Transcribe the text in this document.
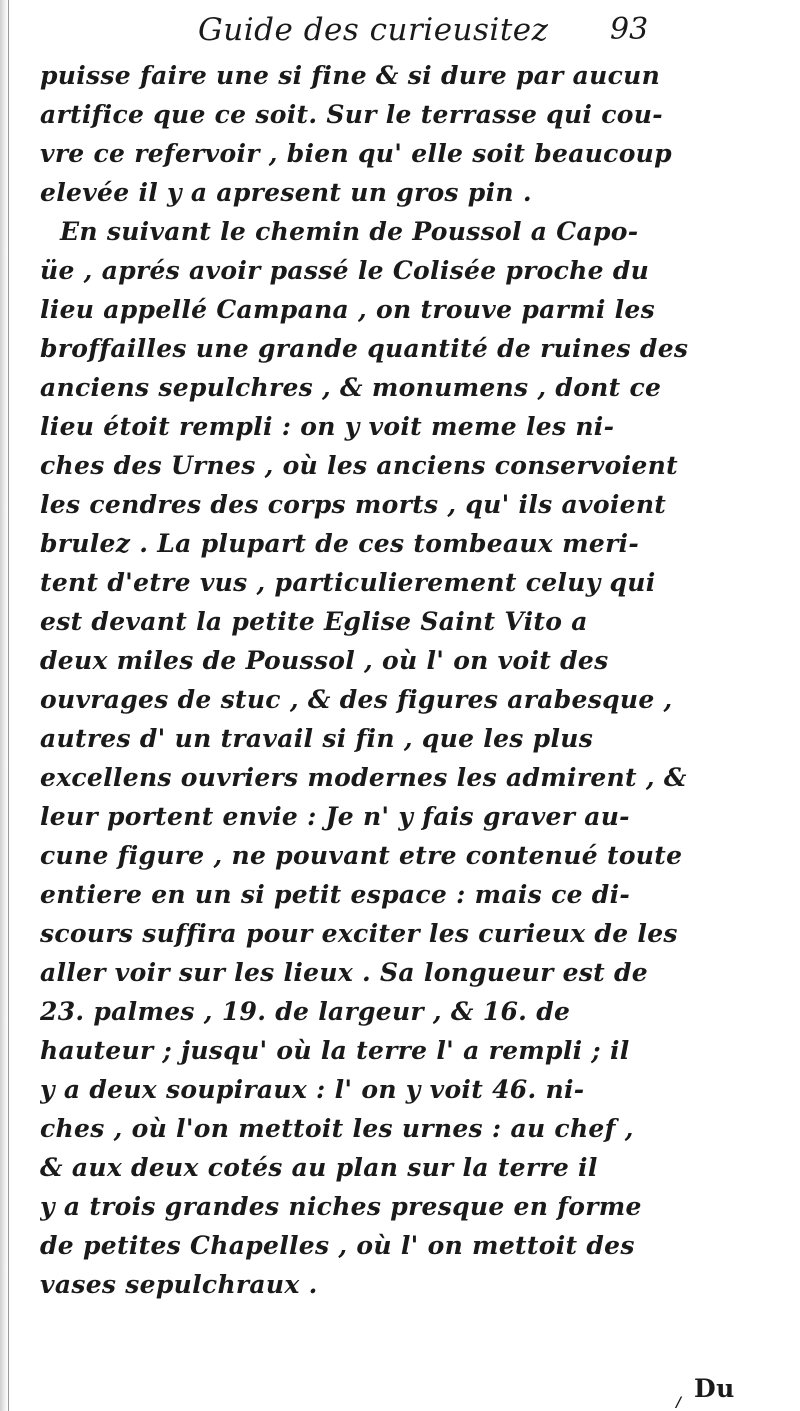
Guide des curieusitez 93
puisse faire une si fine & si dure par aucun
artifice que ce soit. Sur le terrasse qui cou-
vre ce refervoir , bien qu' elle soit beaucoup
elevée il y a apresent un gros pin .
En suivant le chemin de Poussol a Capo-
üe , aprés avoir passé le Colisée proche du
lieu appellé Campana , on trouve parmi les
broffailles une grande quantité de ruines des
anciens sepulchres , & monumens , dont ce
lieu étoit rempli : on y voit meme les ni-
ches des Urnes , où les anciens conservoient
les cendres des corps morts , qu' ils avoient
brulez . La plupart de ces tombeaux meri-
tent d'etre vus , particulierement celuy qui
est devant la petite Eglise Saint Vito a
deux miles de Poussol , où l' on voit des
ouvrages de stuc , & des figures arabesque ,
autres d' un travail si fin , que les plus
excellens ouvriers modernes les admirent , &
leur portent envie : Je n' y fais graver au-
cune figure , ne pouvant etre contenué toute
entiere en un si petit espace : mais ce di-
scours suffira pour exciter les curieux de les
aller voir sur les lieux . Sa longueur est de
23. palmes , 19. de largeur , & 16. de
hauteur ; jusqu' où la terre l' a rempli ; il
y a deux soupiraux : l' on y voit 46. ni-
ches , où l'on mettoit les urnes : au chef ,
& aux deux cotés au plan sur la terre il
y a trois grandes niches presque en forme
de petites Chapelles , où l' on mettoit des
vases sepulchraux .
Du
/
